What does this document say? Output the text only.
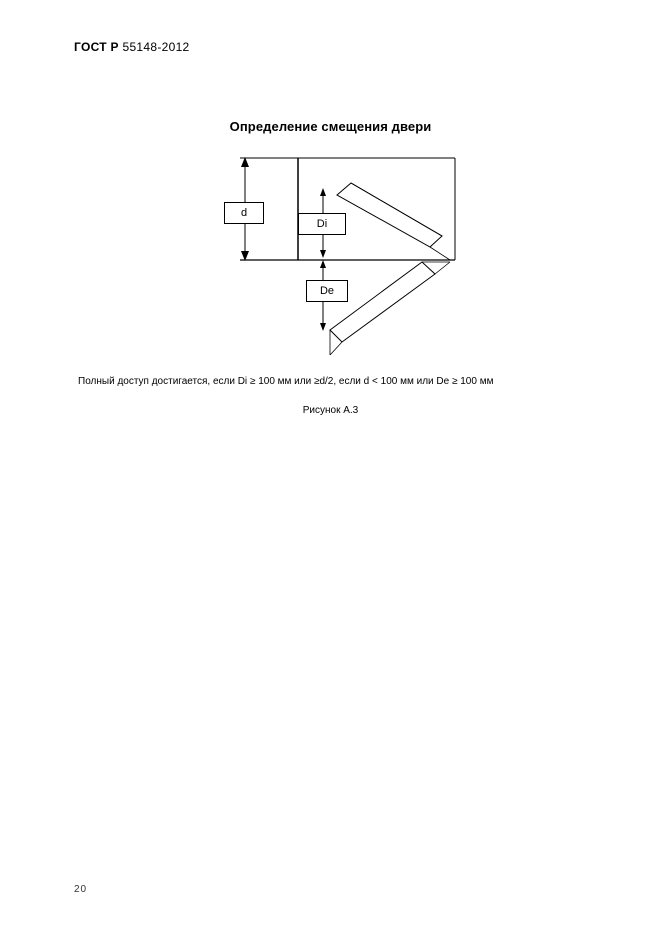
ГОСТ Р 55148-2012
Определение смещения двери
d
Di
De
Полный доступ достигается, если Di ≥ 100 мм или ≥d/2, если d < 100 мм или De ≥ 100 мм
Рисунок А.3
20
